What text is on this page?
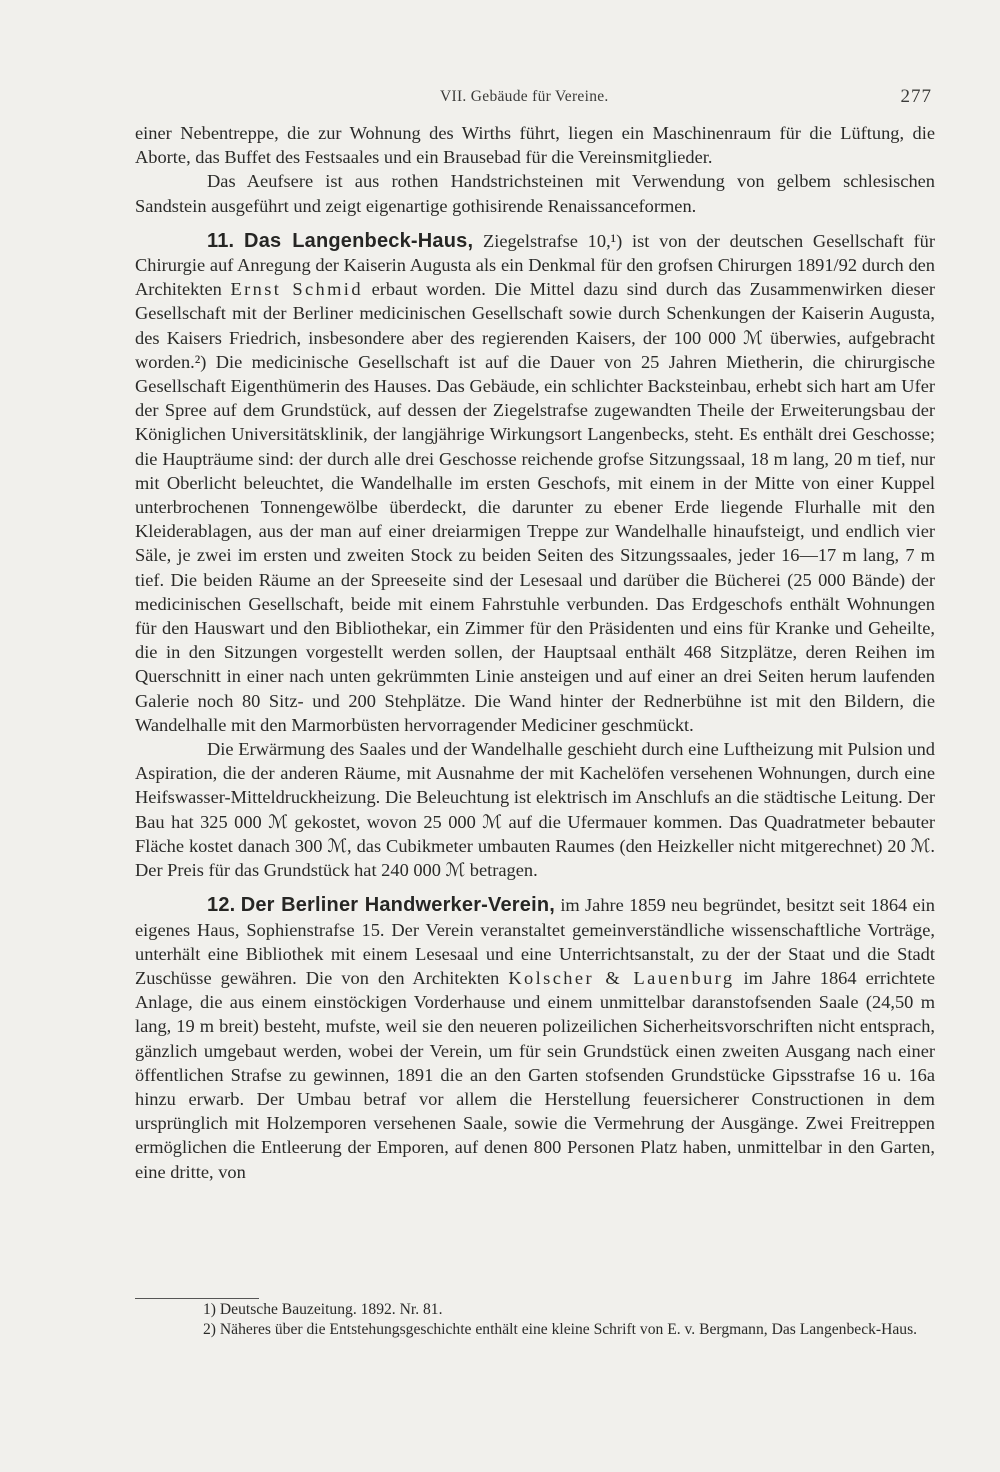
VII. Gebäude für Vereine.	277

einer Nebentreppe, die zur Wohnung des Wirths führt, liegen ein Maschinenraum für die Lüftung, die Aborte, das Buffet des Festsaales und ein Brausebad für die Vereinsmitglieder.

Das Aeufsere ist aus rothen Handstrichsteinen mit Verwendung von gelbem schlesischen Sandstein ausgeführt und zeigt eigenartige gothisirende Renaissanceformen.

11. Das Langenbeck-Haus, Ziegelstrafse 10,¹) ist von der deutschen Gesellschaft für Chirurgie auf Anregung der Kaiserin Augusta als ein Denkmal für den grofsen Chirurgen 1891/92 durch den Architekten Ernst Schmid erbaut worden. Die Mittel dazu sind durch das Zusammenwirken dieser Gesellschaft mit der Berliner medicinischen Gesellschaft sowie durch Schenkungen der Kaiserin Augusta, des Kaisers Friedrich, insbesondere aber des regierenden Kaisers, der 100 000 ℳ überwies, aufgebracht worden.²) Die medicinische Gesellschaft ist auf die Dauer von 25 Jahren Mietherin, die chirurgische Gesellschaft Eigenthümerin des Hauses. Das Gebäude, ein schlichter Backsteinbau, erhebt sich hart am Ufer der Spree auf dem Grundstück, auf dessen der Ziegelstrafse zugewandten Theile der Erweiterungsbau der Königlichen Universitätsklinik, der langjährige Wirkungsort Langenbecks, steht. Es enthält drei Geschosse; die Haupträume sind: der durch alle drei Geschosse reichende grofse Sitzungssaal, 18 m lang, 20 m tief, nur mit Oberlicht beleuchtet, die Wandelhalle im ersten Geschofs, mit einem in der Mitte von einer Kuppel unterbrochenen Tonnengewölbe überdeckt, die darunter zu ebener Erde liegende Flurhalle mit den Kleiderablagen, aus der man auf einer dreiarmigen Treppe zur Wandelhalle hinaufsteigt, und endlich vier Säle, je zwei im ersten und zweiten Stock zu beiden Seiten des Sitzungssaales, jeder 16—17 m lang, 7 m tief. Die beiden Räume an der Spreeseite sind der Lesesaal und darüber die Bücherei (25 000 Bände) der medicinischen Gesellschaft, beide mit einem Fahrstuhle verbunden. Das Erdgeschofs enthält Wohnungen für den Hauswart und den Bibliothekar, ein Zimmer für den Präsidenten und eins für Kranke und Geheilte, die in den Sitzungen vorgestellt werden sollen, der Hauptsaal enthält 468 Sitzplätze, deren Reihen im Querschnitt in einer nach unten gekrümmten Linie ansteigen und auf einer an drei Seiten herum laufenden Galerie noch 80 Sitz- und 200 Stehplätze. Die Wand hinter der Rednerbühne ist mit den Bildern, die Wandelhalle mit den Marmorbüsten hervorragender Mediciner geschmückt.

Die Erwärmung des Saales und der Wandelhalle geschieht durch eine Luftheizung mit Pulsion und Aspiration, die der anderen Räume, mit Ausnahme der mit Kachelöfen versehenen Wohnungen, durch eine Heifswasser-Mitteldruckheizung. Die Beleuchtung ist elektrisch im Anschlufs an die städtische Leitung. Der Bau hat 325 000 ℳ gekostet, wovon 25 000 ℳ auf die Ufermauer kommen. Das Quadratmeter bebauter Fläche kostet danach 300 ℳ, das Cubikmeter umbauten Raumes (den Heizkeller nicht mitgerechnet) 20 ℳ. Der Preis für das Grundstück hat 240 000 ℳ betragen.

12. Der Berliner Handwerker-Verein, im Jahre 1859 neu begründet, besitzt seit 1864 ein eigenes Haus, Sophienstrafse 15. Der Verein veranstaltet gemeinverständliche wissenschaftliche Vorträge, unterhält eine Bibliothek mit einem Lesesaal und eine Unterrichtsanstalt, zu der der Staat und die Stadt Zuschüsse gewähren. Die von den Architekten Kolscher & Lauenburg im Jahre 1864 errichtete Anlage, die aus einem einstöckigen Vorderhause und einem unmittelbar daranstofsenden Saale (24,50 m lang, 19 m breit) besteht, mufste, weil sie den neueren polizeilichen Sicherheitsvorschriften nicht entsprach, gänzlich umgebaut werden, wobei der Verein, um für sein Grundstück einen zweiten Ausgang nach einer öffentlichen Strafse zu gewinnen, 1891 die an den Garten stofsenden Grundstücke Gipsstrafse 16 u. 16a hinzu erwarb. Der Umbau betraf vor allem die Herstellung feuersicherer Constructionen in dem ursprünglich mit Holzemporen versehenen Saale, sowie die Vermehrung der Ausgänge. Zwei Freitreppen ermöglichen die Entleerung der Emporen, auf denen 800 Personen Platz haben, unmittelbar in den Garten, eine dritte, von

1) Deutsche Bauzeitung. 1892. Nr. 81.

2) Näheres über die Entstehungsgeschichte enthält eine kleine Schrift von E. v. Bergmann, Das Langenbeck-Haus.
